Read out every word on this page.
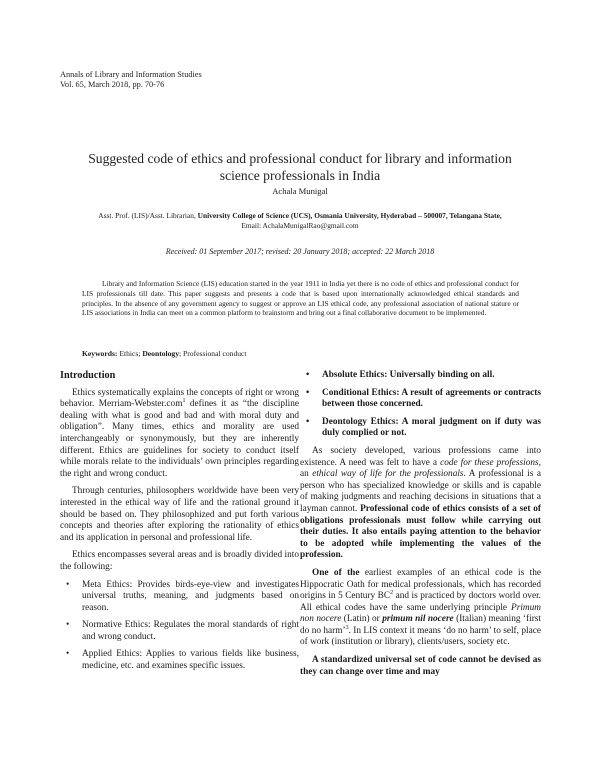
Annals of Library and Information Studies
Vol. 65, March 2018, pp. 70-76
Suggested code of ethics and professional conduct for library and information
science professionals in India
Achala Munigal
Asst. Prof. (LIS)/Asst. Librarian, University College of Science (UCS), Osmania University, Hyderabad – 500007, Telangana State,
Email: AchalaMunigalRao@gmail.com
Received: 01 September 2017; revised: 20 January 2018; accepted: 22 March 2018
Library and Information Science (LIS) education started in the year 1911 in India yet there is no code of ethics and professional conduct for LIS professionals till date. This paper suggests and presents a code that is based upon internationally acknowledged ethical standards and principles. In the absence of any government agency to suggest or approve an LIS ethical code, any professional association of national stature or LIS associations in India can meet on a common platform to brainstorm and bring out a final collaborative document to be implemented.
Keywords: Ethics; Deontology; Professional conduct
Introduction

Ethics systematically explains the concepts of right or wrong behavior. Merriam-Webster.com$^1$ defines it as “the discipline dealing with what is good and bad and with moral duty and obligation”. Many times, ethics and morality are used interchangeably or synonymously, but they are inherently different. Ethics are guidelines for society to conduct itself while morals relate to the individuals’ own principles regarding the right and wrong conduct.

Through centuries, philosophers worldwide have been very interested in the ethical way of life and the rational ground it should be based on. They philosophized and put forth various concepts and theories after exploring the rationality of ethics and its application in personal and professional life.

Ethics encompasses several areas and is broadly divided into the following:

• Meta Ethics: Provides birds-eye-view and investigates universal truths, meaning, and judgments based on reason.
• Normative Ethics: Regulates the moral standards of right and wrong conduct.
• Applied Ethics: Applies to various fields like business, medicine, etc. and examines specific issues.
• Absolute Ethics: Universally binding on all.
• Conditional Ethics: A result of agreements or contracts between those concerned.
• Deontology Ethics: A moral judgment on if duty was duly complied or not.

As society developed, various professions came into existence. A need was felt to have a code for these professions, an ethical way of life for the professionals. A professional is a person who has specialized knowledge or skills and is capable of making judgments and reaching decisions in situations that a layman cannot. Professional code of ethics consists of a set of obligations professionals must follow while carrying out their duties. It also entails paying attention to the behavior to be adopted while implementing the values of the profession.

One of the earliest examples of an ethical code is the Hippocratic Oath for medical professionals, which has recorded origins in 5 Century $BC^2$ and is practiced by doctors world over. All ethical codes have the same underlying principle Primum non nocere (Latin) or primum nil nocere (Italian) meaning ‘first do no harm’$^3$. In LIS context it means ‘do no harm’ to self, place of work (institution or library), clients/users, society etc.

A standardized universal set of code cannot be devised as they can change over time and may
